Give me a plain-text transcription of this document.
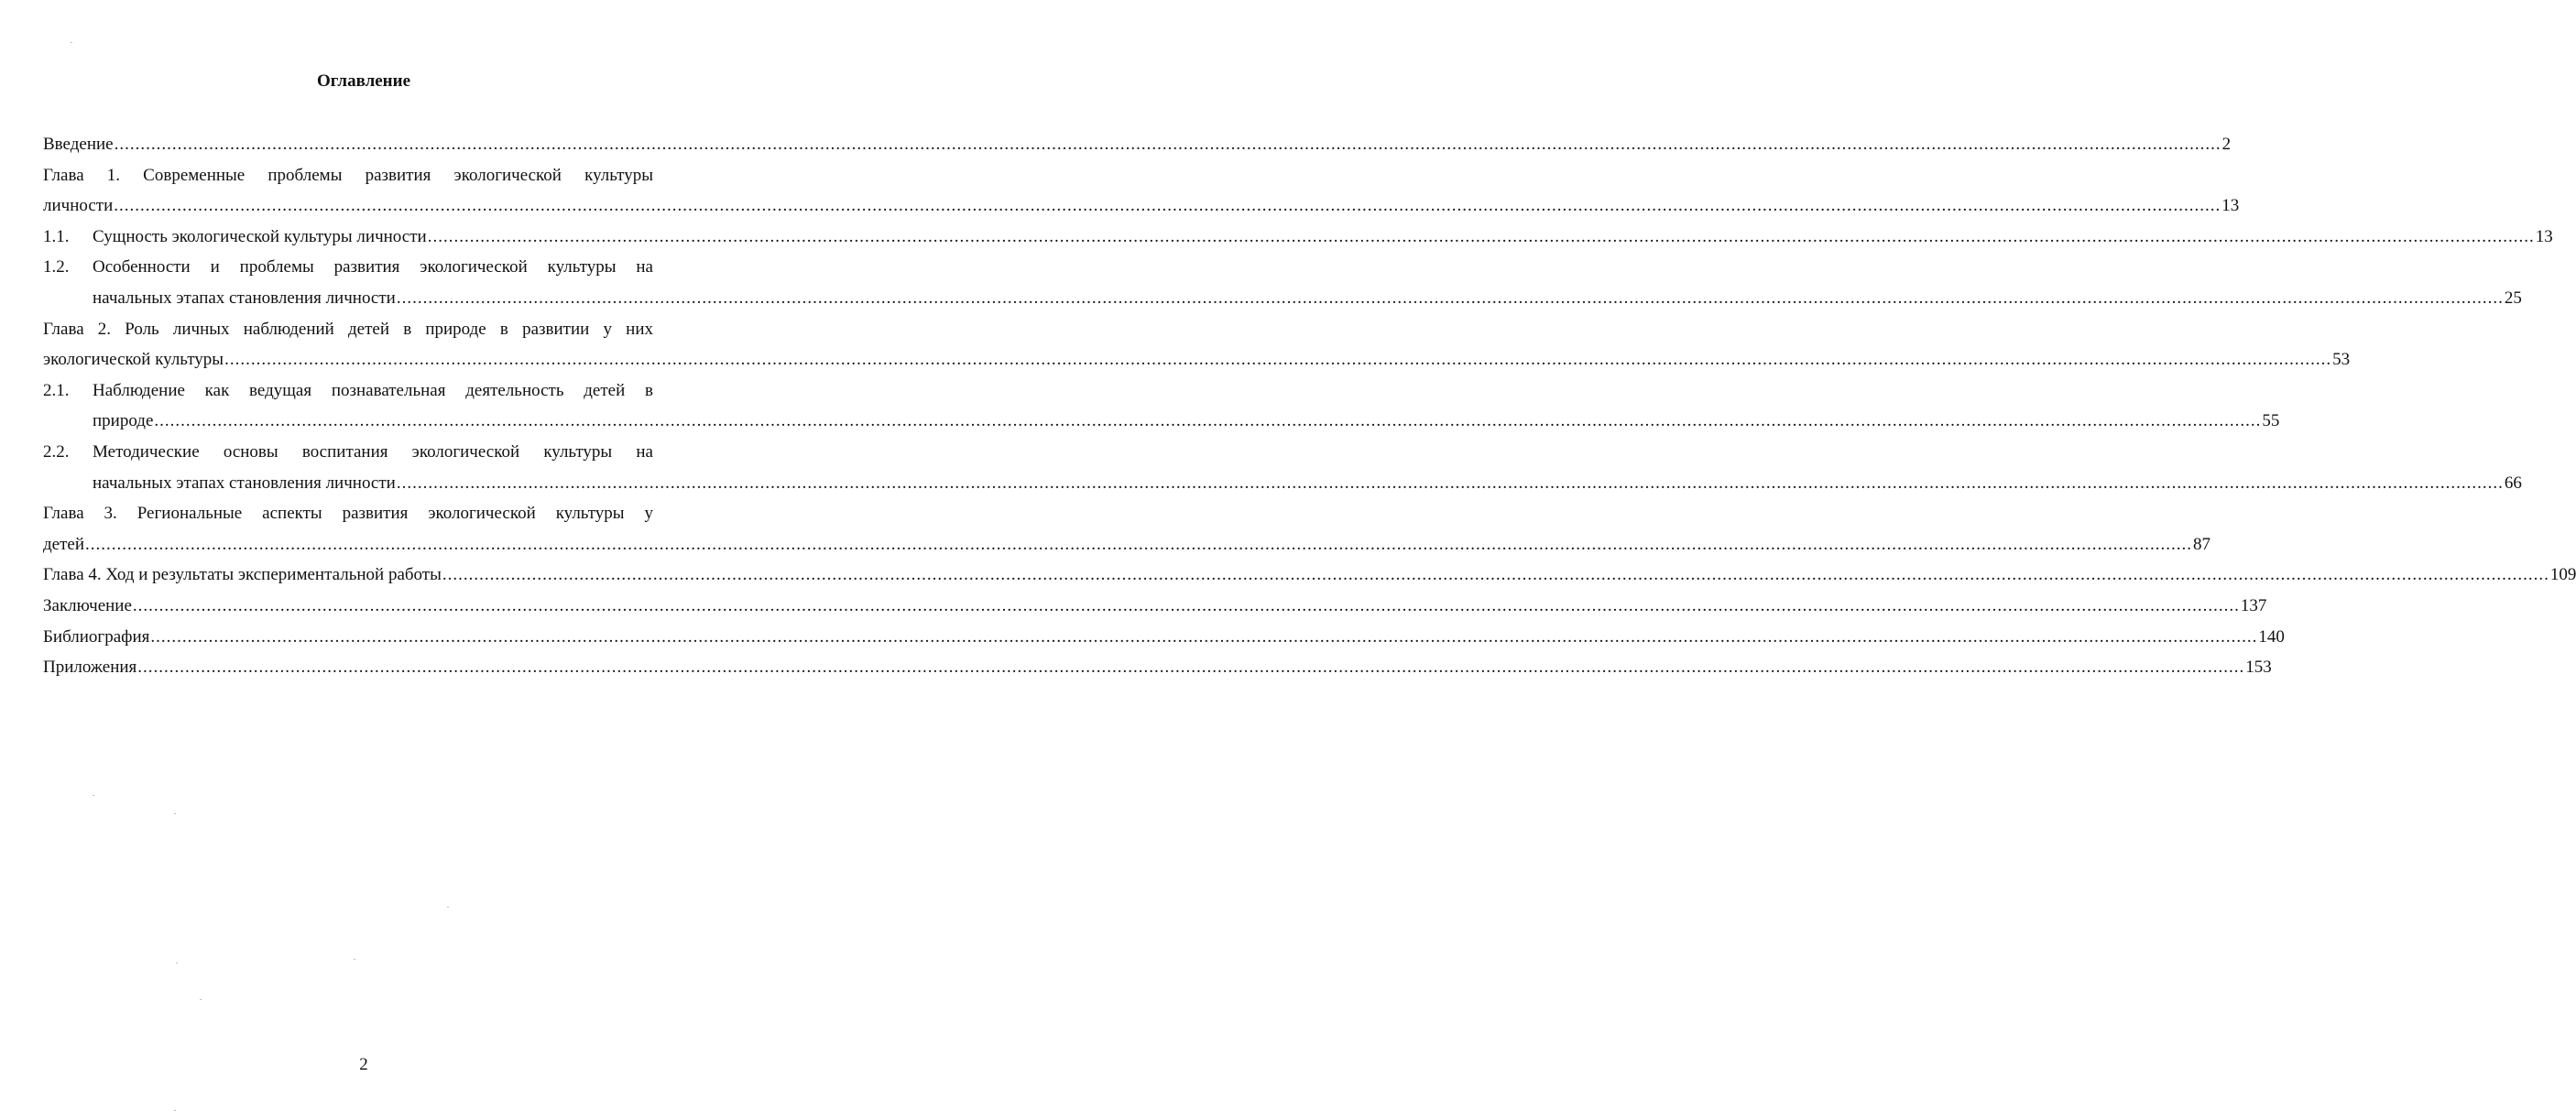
Оглавление
Введение ................................................................................................................................................................................................................................................................................................................................................................................................................ 2
Глава 1. Современные проблемы развития экологической культуры
личности ................................................................................................................................................................................................................................................................................................................................................................................................................ 13
1.1. Сущность экологической культуры личности ................................................................................................................................................................................................................................................................................................................................................................................................................ 13
1.2.	Особенности и проблемы развития экологической культуры на
начальных этапах становления личности ................................................................................................................................................................................................................................................................................................................................................................................................................ 25
Глава 2. Роль личных наблюдений детей в природе в развитии у них
экологической культуры ................................................................................................................................................................................................................................................................................................................................................................................................................ 53
2.1.	Наблюдение как ведущая познавательная деятельность детей в
природе ................................................................................................................................................................................................................................................................................................................................................................................................................ 55
2.2.	Методические основы воспитания экологической культуры на
начальных этапах становления личности ................................................................................................................................................................................................................................................................................................................................................................................................................ 66
Глава 3. Региональные аспекты развития экологической культуры у
детей ................................................................................................................................................................................................................................................................................................................................................................................................................ 87
Глава 4. Ход и результаты экспериментальной работы ................................................................................................................................................................................................................................................................................................................................................................................................................ 109
Заключение ................................................................................................................................................................................................................................................................................................................................................................................................................ 137
Библиография ................................................................................................................................................................................................................................................................................................................................................................................................................ 140
Приложения ................................................................................................................................................................................................................................................................................................................................................................................................................ 153
2
